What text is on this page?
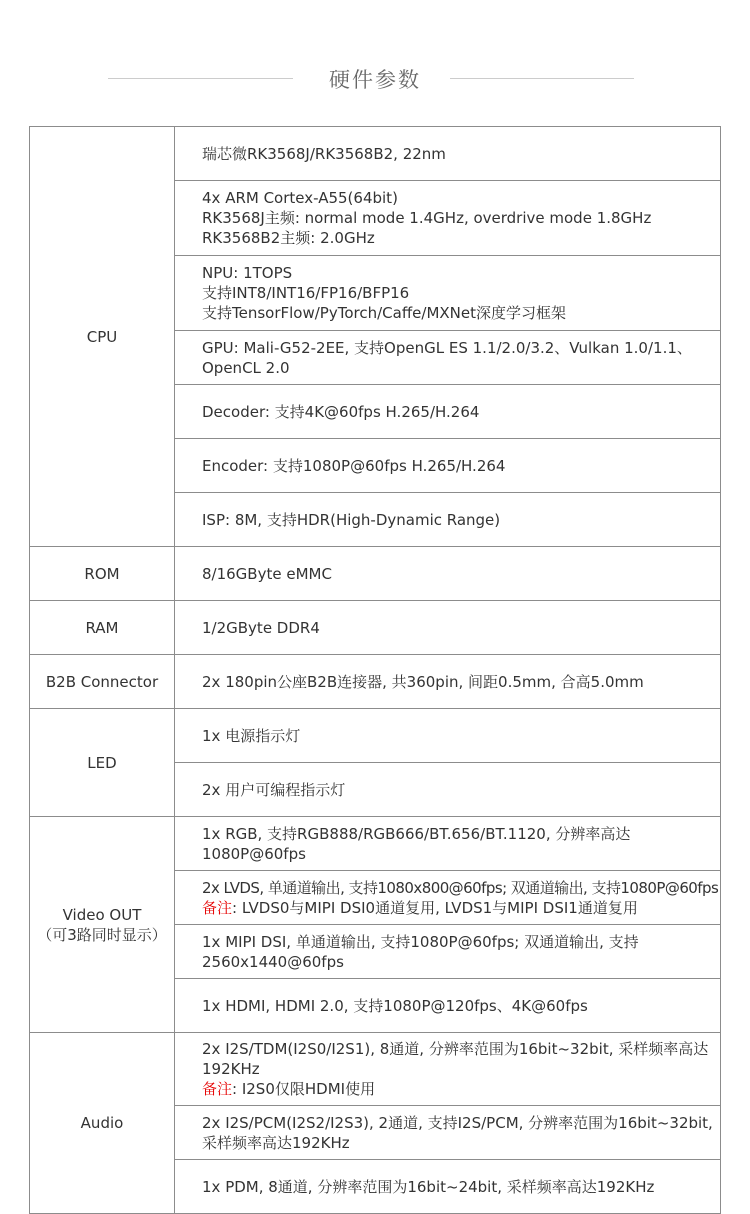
硬件参数
CPU	瑞芯微RK3568J/RK3568B2, 22nm

	4x ARM Cortex-A55(64bit)
RK3568J主频: normal mode 1.4GHz, overdrive mode 1.8GHz
RK3568B2主频: 2.0GHz

	NPU: 1TOPS
支持INT8/INT16/FP16/BFP16
支持TensorFlow/PyTorch/Caffe/MXNet深度学习框架

	GPU: Mali-G52-2EE, 支持OpenGL ES 1.1/2.0/3.2、Vulkan 1.0/1.1、OpenCL 2.0

	Decoder: 支持4K@60fps H.265/H.264

	Encoder: 支持1080P@60fps H.265/H.264

	ISP: 8M, 支持HDR(High-Dynamic Range)

ROM	8/16GByte eMMC

RAM	1/2GByte DDR4

B2B Connector	2x 180pin公座B2B连接器, 共360pin, 间距0.5mm, 合高5.0mm

LED	1x 电源指示灯

	2x 用户可编程指示灯

Video OUT
（可3路同时显示）	1x RGB, 支持RGB888/RGB666/BT.656/BT.1120, 分辨率高达1080P@60fps

	2x LVDS, 单通道输出, 支持1080x800@60fps; 双通道输出, 支持1080P@60fps
备注: LVDS0与MIPI DSI0通道复用, LVDS1与MIPI DSI1通道复用

	1x MIPI DSI, 单通道输出, 支持1080P@60fps; 双通道输出, 支持2560x1440@60fps

	1x HDMI, HDMI 2.0, 支持1080P@120fps、4K@60fps

Audio	2x I2S/TDM(I2S0/I2S1), 8通道, 分辨率范围为16bit~32bit, 采样频率高达192KHz
备注: I2S0仅限HDMI使用

	2x I2S/PCM(I2S2/I2S3), 2通道, 支持I2S/PCM, 分辨率范围为16bit~32bit, 采样频率高达192KHz

	1x PDM, 8通道, 分辨率范围为16bit~24bit, 采样频率高达192KHz
